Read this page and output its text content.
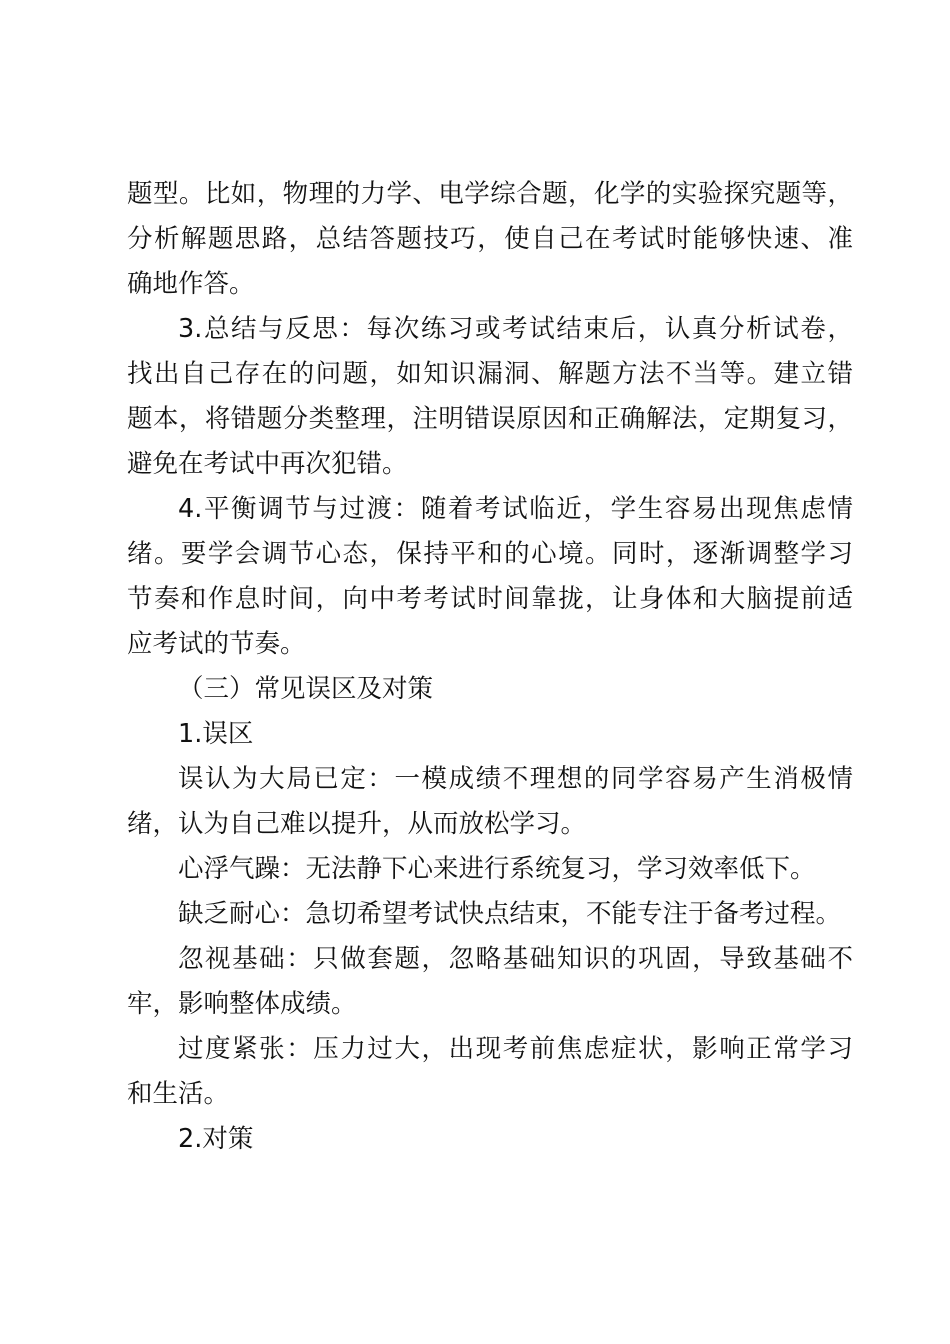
题型。比如，物理的力学、电学综合题，化学的实验探究题等，
分析解题思路，总结答题技巧，使自己在考试时能够快速、准
确地作答。
3.总结与反思：每次练习或考试结束后，认真分析试卷，
找出自己存在的问题，如知识漏洞、解题方法不当等。建立错
题本，将错题分类整理，注明错误原因和正确解法，定期复习，
避免在考试中再次犯错。
4.平衡调节与过渡：随着考试临近，学生容易出现焦虑情
绪。要学会调节心态，保持平和的心境。同时，逐渐调整学习
节奏和作息时间，向中考考试时间靠拢，让身体和大脑提前适
应考试的节奏。
（三）常见误区及对策
1.误区
误认为大局已定：一模成绩不理想的同学容易产生消极情
绪，认为自己难以提升，从而放松学习。
心浮气躁：无法静下心来进行系统复习，学习效率低下。
缺乏耐心：急切希望考试快点结束，不能专注于备考过程。
忽视基础：只做套题，忽略基础知识的巩固，导致基础不
牢，影响整体成绩。
过度紧张：压力过大，出现考前焦虑症状，影响正常学习
和生活。
2.对策
